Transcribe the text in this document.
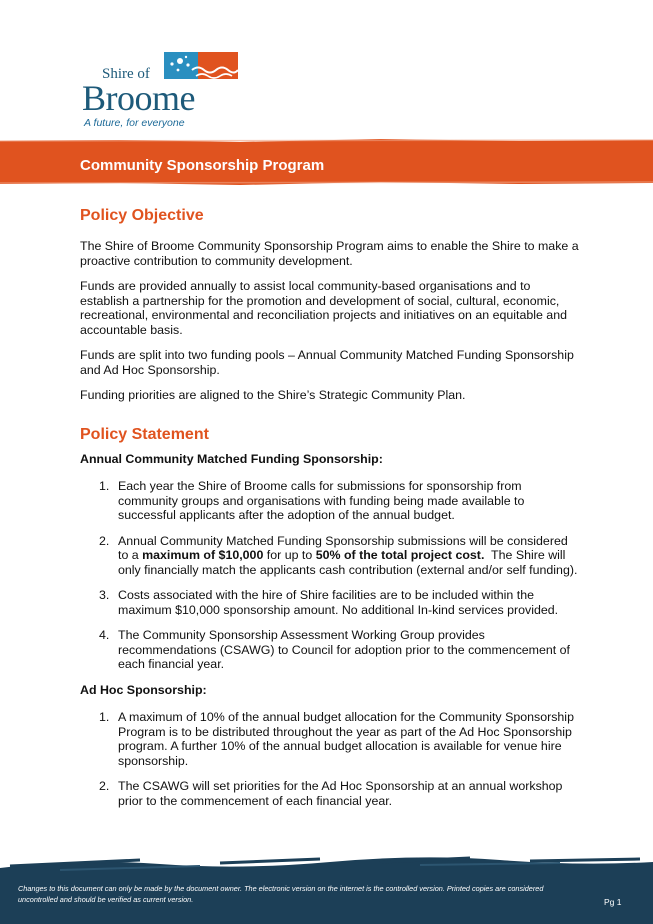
Shire of
Broome
A future, for everyone
Community Sponsorship Program
Policy Objective

The Shire of Broome Community Sponsorship Program aims to enable the Shire to make a proactive contribution to community development.

Funds are provided annually to assist local community-based organisations and to establish a partnership for the promotion and development of social, cultural, economic, recreational, environmental and reconciliation projects and initiatives on an equitable and accountable basis.

Funds are split into two funding pools – Annual Community Matched Funding Sponsorship and Ad Hoc Sponsorship.

Funding priorities are aligned to the Shire’s Strategic Community Plan.

Policy Statement

Annual Community Matched Funding Sponsorship:

1. Each year the Shire of Broome calls for submissions for sponsorship from community groups and organisations with funding being made available to successful applicants after the adoption of the annual budget.
2. Annual Community Matched Funding Sponsorship submissions will be considered to a maximum of $10,000 for up to 50% of the total project cost.  The Shire will only financially match the applicants cash contribution (external and/or self funding).
3. Costs associated with the hire of Shire facilities are to be included within the maximum $10,000 sponsorship amount. No additional In-kind services provided.
4. The Community Sponsorship Assessment Working Group provides recommendations (CSAWG) to Council for adoption prior to the commencement of each financial year.

Ad Hoc Sponsorship:

1. A maximum of 10% of the annual budget allocation for the Community Sponsorship Program is to be distributed throughout the year as part of the Ad Hoc Sponsorship program. A further 10% of the annual budget allocation is available for venue hire sponsorship.
2. The CSAWG will set priorities for the Ad Hoc Sponsorship at an annual workshop prior to the commencement of each financial year.
Changes to this document can only be made by the document owner. The electronic version on the internet is the controlled version. Printed copies are considered uncontrolled and should be verified as current version.	Pg 1
